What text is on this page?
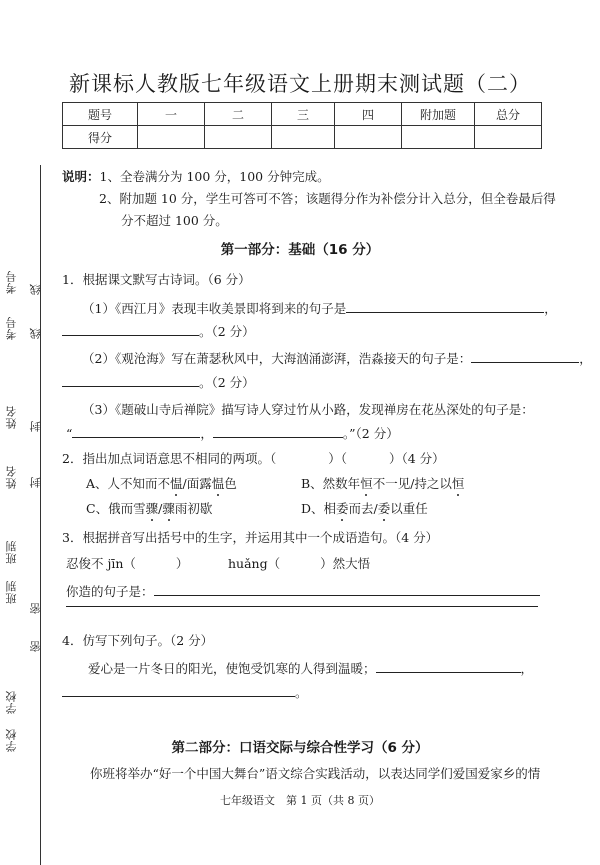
学校
班别
姓名
考号
学校
班别
姓名
考号
密
密
封
封
线
线
新课标人教版七年级语文上册期末测试题（二）
题号	一	二	三	四	附加题	总分
得分						
说明：1、全卷满分为 100 分，100 分钟完成。
2、附加题 10 分，学生可答可不答；该题得分作为补偿分计入总分，但全卷最后得
分不超过 100 分。
第一部分：基础（16 分）
1．根据课文默写古诗词。（6 分）
（1）《西江月》表现丰收美景即将到来的句子是	，
。（2 分）
（2）《观沧海》写在萧瑟秋风中，大海汹涌澎湃，浩淼接天的句子是：	，
。（2 分）
（3）《题破山寺后禅院》描写诗人穿过竹从小路，发现禅房在花丛深处的句子是：
“	，	。”（2 分）
2．指出加点词语意思不相同的两项。（	）（	）（4 分）
A、人不知而不愠/面露愠色	B、然数年恒不一见/持之以恒
C、俄而雪骤/骤雨初歇	D、相委而去/委以重任
3．根据拼音写出括号中的生字，并运用其中一个成语造句。（4 分）
忍俊不 jīn（	）	huǎng（	）然大悟
你造的句子是：
4．仿写下列句子。（2 分）
爱心是一片冬日的阳光，使饱受饥寒的人得到温暖；	，
。
第二部分：口语交际与综合性学习（6 分）
你班将举办“好一个中国大舞台”语文综合实践活动，以表达同学们爱国爱家乡的情
七年级语文　第 1 页（共 8 页）
